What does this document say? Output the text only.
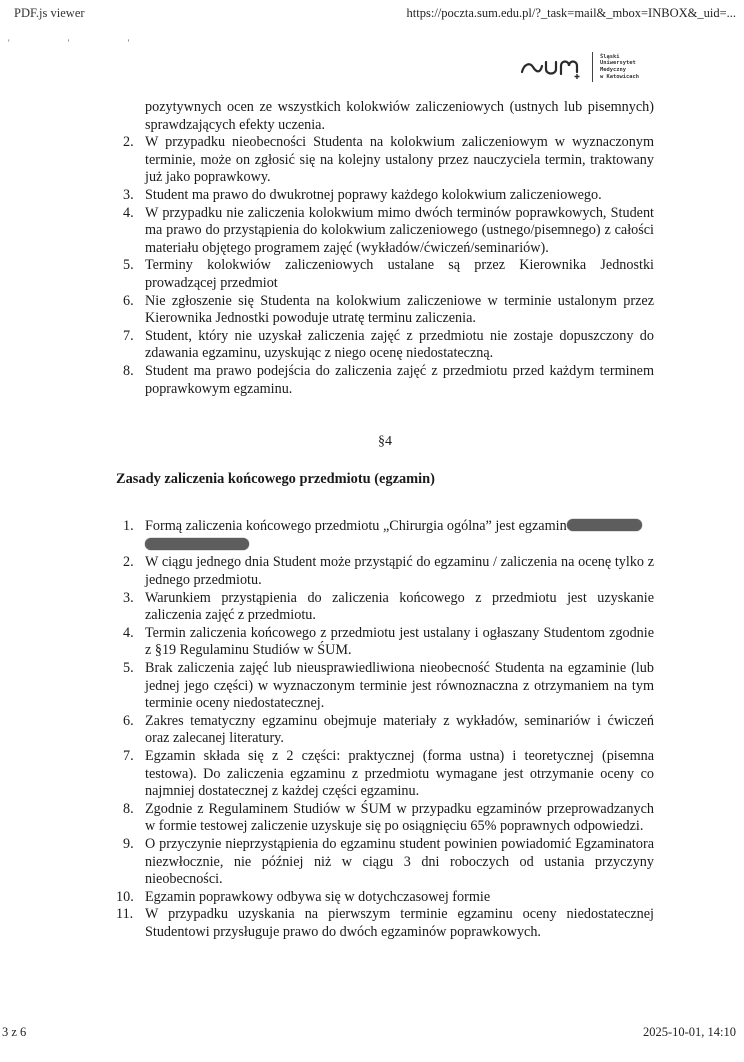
PDF.js viewer	https://poczta.sum.edu.pl/?_task=mail&_mbox=INBOX&_uid=...
' ' '
Śląski
Uniwersytet
Medyczny
w Katowicach
pozytywnych ocen ze wszystkich kolokwiów zaliczeniowych (ustnych lub pisemnych) sprawdzających efekty uczenia.
2. W przypadku nieobecności Studenta na kolokwium zaliczeniowym w wyznaczonym terminie, może on zgłosić się na kolejny ustalony przez nauczyciela termin, traktowany już jako poprawkowy.
3. Student ma prawo do dwukrotnej poprawy każdego kolokwium zaliczeniowego.
4. W przypadku nie zaliczenia kolokwium mimo dwóch terminów poprawkowych, Student ma prawo do przystąpienia do kolokwium zaliczeniowego (ustnego/pisemnego) z całości materiału objętego programem zajęć (wykładów/ćwiczeń/seminariów).
5. Terminy kolokwiów zaliczeniowych ustalane są przez Kierownika Jednostki prowadzącej przedmiot
6. Nie zgłoszenie się Studenta na kolokwium zaliczeniowe w terminie ustalonym przez Kierownika Jednostki powoduje utratę terminu zaliczenia.
7. Student, który nie uzyskał zaliczenia zajęć z przedmiotu nie zostaje dopuszczony do zdawania egzaminu, uzyskując z niego ocenę niedostateczną.
8. Student ma prawo podejścia do zaliczenia zajęć z przedmiotu przed każdym terminem poprawkowym egzaminu.
§4
Zasady zaliczenia końcowego przedmiotu (egzamin)
1. Formą zaliczenia końcowego przedmiotu „Chirurgia ogólna” jest egzamin

2. W ciągu jednego dnia Student może przystąpić do egzaminu / zaliczenia na ocenę tylko z jednego przedmiotu.
3. Warunkiem przystąpienia do zaliczenia końcowego z przedmiotu jest uzyskanie zaliczenia zajęć z przedmiotu.
4. Termin zaliczenia końcowego z przedmiotu jest ustalany i ogłaszany Studentom zgodnie z §19 Regulaminu Studiów w ŚUM.
5. Brak zaliczenia zajęć lub nieusprawiedliwiona nieobecność Studenta na egzaminie (lub jednej jego części) w wyznaczonym terminie jest równoznaczna z otrzymaniem na tym terminie oceny niedostatecznej.
6. Zakres tematyczny egzaminu obejmuje materiały z wykładów, seminariów i ćwiczeń oraz zalecanej literatury.
7. Egzamin składa się z 2 części: praktycznej (forma ustna) i teoretycznej (pisemna testowa). Do zaliczenia egzaminu z przedmiotu wymagane jest otrzymanie oceny co najmniej dostatecznej z każdej części egzaminu.
8. Zgodnie z Regulaminem Studiów w ŚUM w przypadku egzaminów przeprowadzanych w formie testowej zaliczenie uzyskuje się po osiągnięciu 65% poprawnych odpowiedzi.
9. O przyczynie nieprzystąpienia do egzaminu student powinien powiadomić Egzaminatora niezwłocznie, nie później niż w ciągu 3 dni roboczych od ustania przyczyny nieobecności.
10. Egzamin poprawkowy odbywa się w dotychczasowej formie
11. W przypadku uzyskania na pierwszym terminie egzaminu oceny niedostatecznej Studentowi przysługuje prawo do dwóch egzaminów poprawkowych.
3 z 6	2025-10-01, 14:10
